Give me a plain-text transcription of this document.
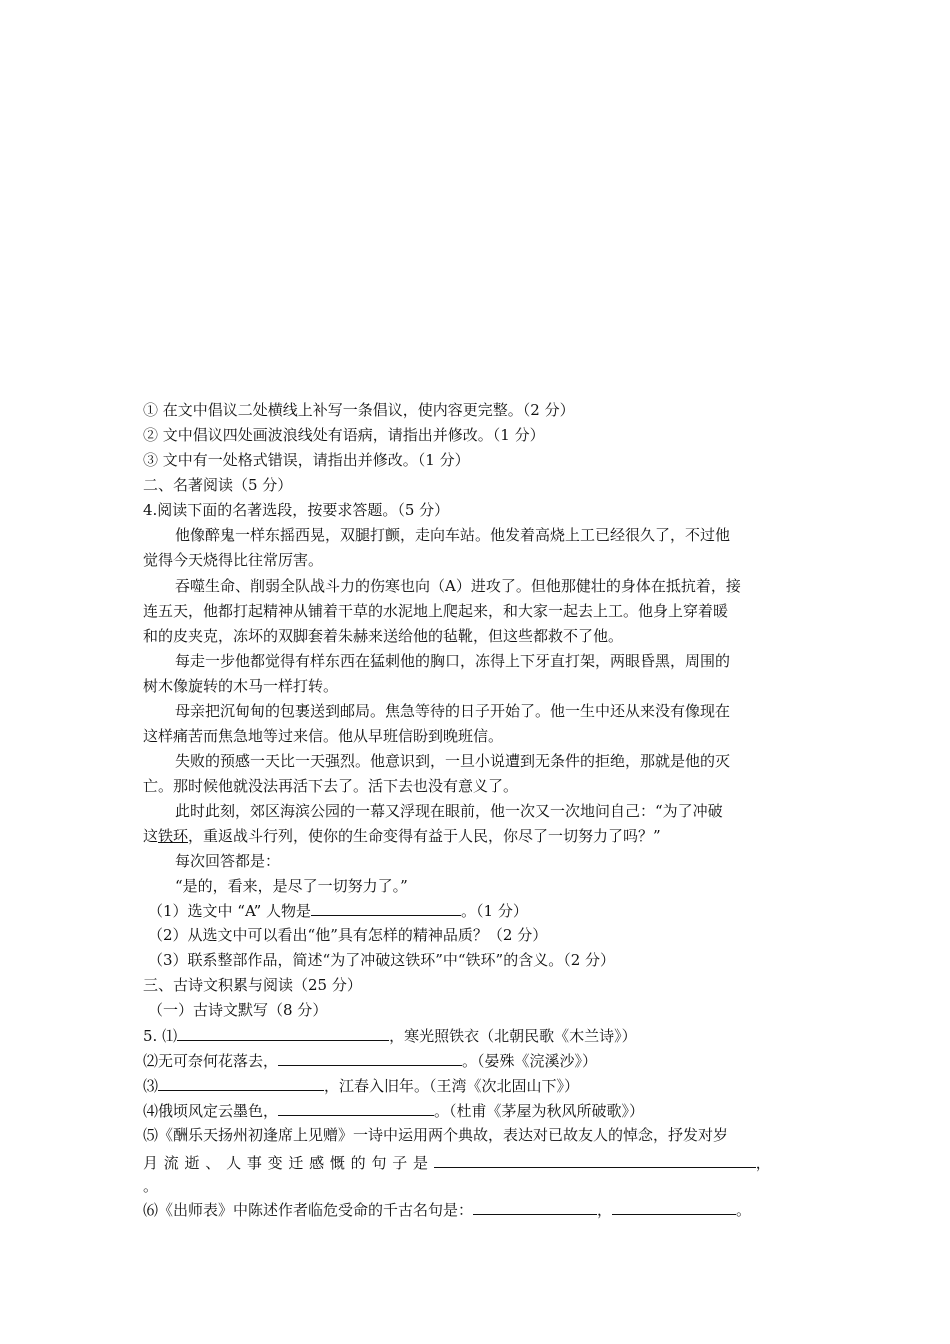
① 在文中倡议二处横线上补写一条倡议，使内容更完整。（2 分）
② 文中倡议四处画波浪线处有语病，请指出并修改。（1 分）
③ 文中有一处格式错误，请指出并修改。（1 分）
二、名著阅读（5 分）
4.阅读下面的名著选段，按要求答题。（5 分）
他像醉鬼一样东摇西晃，双腿打颤，走向车站。他发着高烧上工已经很久了，不过他
觉得今天烧得比往常厉害。
吞噬生命、削弱全队战斗力的伤寒也向（A）进攻了。但他那健壮的身体在抵抗着，接
连五天，他都打起精神从铺着干草的水泥地上爬起来，和大家一起去上工。他身上穿着暖
和的皮夹克，冻坏的双脚套着朱赫来送给他的毡靴，但这些都救不了他。
每走一步他都觉得有样东西在猛刺他的胸口，冻得上下牙直打架，两眼昏黑，周围的
树木像旋转的木马一样打转。
母亲把沉甸甸的包裹送到邮局。焦急等待的日子开始了。他一生中还从来没有像现在
这样痛苦而焦急地等过来信。他从早班信盼到晚班信。
失败的预感一天比一天强烈。他意识到，一旦小说遭到无条件的拒绝，那就是他的灭
亡。那时候他就没法再活下去了。活下去也没有意义了。
此时此刻，郊区海滨公园的一幕又浮现在眼前，他一次又一次地问自己：“为了冲破
这铁环，重返战斗行列，使你的生命变得有益于人民，你尽了一切努力了吗？”
每次回答都是：
“是的，看来，是尽了一切努力了。”
（1）选文中 “A” 人物是	。（1 分）
（2）从选文中可以看出“他”具有怎样的精神品质？（2 分）
（3）联系整部作品，简述“为了冲破这铁环”中“铁环”的含义。（2 分）
三、古诗文积累与阅读（25 分）
（一）古诗文默写（8 分）
5. ⑴	，寒光照铁衣（北朝民歌《木兰诗》）
⑵无可奈何花落去，	。（晏殊《浣溪沙》）
⑶	，江春入旧年。（王湾《次北固山下》）
⑷俄顷风定云墨色，	。（杜甫《茅屋为秋风所破歌》）
⑸《酬乐天扬州初逢席上见赠》一诗中运用两个典故，表达对已故友人的悼念，抒发对岁
月 流 逝 、 人 事 变 迁 感 慨 的 句 子 是	，
。
⑹《出师表》中陈述作者临危受命的千古名句是：	，	。
